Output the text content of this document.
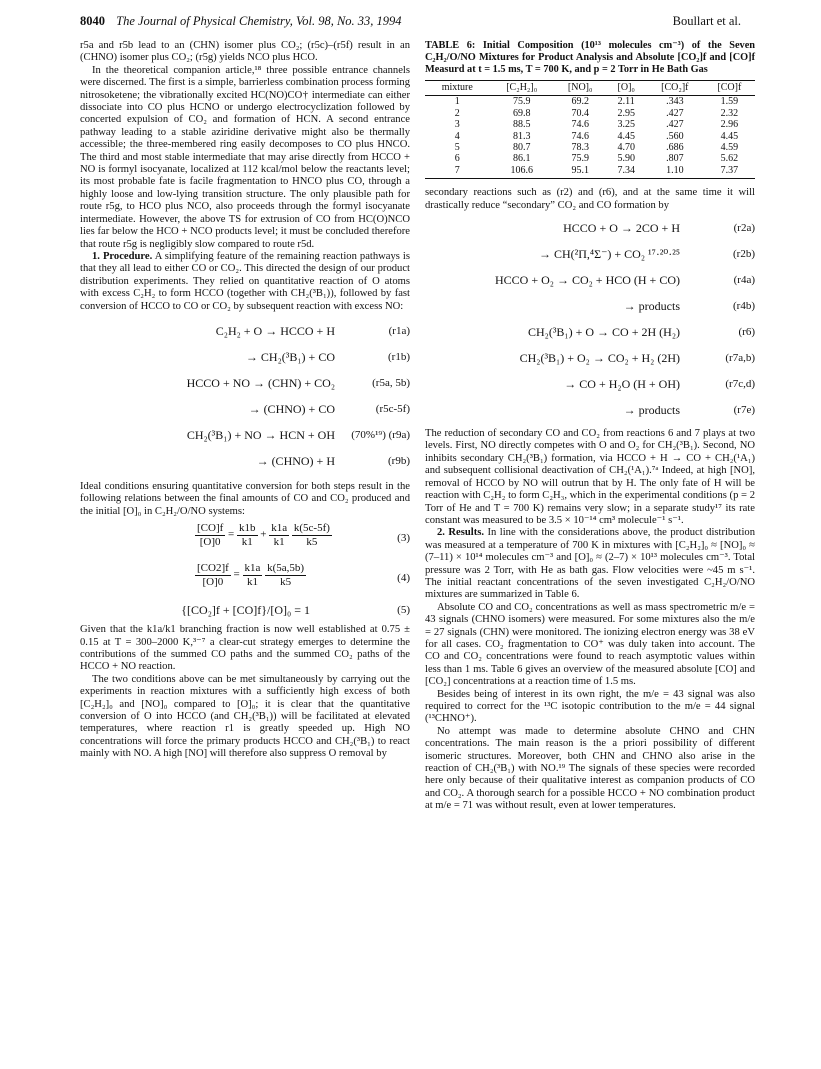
8040 The Journal of Physical Chemistry, Vol. 98, No. 33, 1994	Boullart et al.

r5a and r5b lead to an (CHN) isomer plus CO₂; (r5c)–(r5f) result in an (CHNO) isomer plus CO₂; (r5g) yields NCO plus HCO.

In the theoretical companion article,¹⁸ three possible entrance channels were discerned. The first is a simple, barrierless combination process forming nitrosoketene; the vibrationally excited HC(NO)CO† intermediate can either dissociate into CO plus HCNO or undergo electrocyclization followed by concerted expulsion of CO₂ and formation of HCN. A second entrance pathway leading to a stable aziridine derivative might also be thermally accessible; the three-membered ring easily decomposes to CO plus HNCO. The third and most stable intermediate that may arise directly from HCCO + NO is formyl isocyanate, localized at 112 kcal/mol below the reactants level; its most probable fate is facile fragmentation to HNCO plus CO, through a highly loose and low-lying transition structure. The only plausible path for route r5g, to HCO plus NCO, also proceeds through the formyl isocyanate intermediate. However, the above TS for extrusion of CO from HC(O)NCO lies far below the HCO + NCO products level; it must be concluded therefore that route r5g is negligibly slow compared to route r5d.

1. Procedure. A simplifying feature of the remaining reaction pathways is that they all lead to either CO or CO₂. This directed the design of our product distribution experiments. They relied on quantitative reaction of O atoms with excess C₂H₂ to form HCCO (together with CH₂(³B₁)), followed by fast conversion of HCCO to CO or CO₂ by subsequent reaction with excess NO:

C₂H₂ + O → HCCO + H	(r1a)
→ CH₂(³B₁) + CO	(r1b)
HCCO + NO → (CHN) + CO₂	(r5a, 5b)
→ (CHNO) + CO	(r5c-5f)
CH₂(³B₁) + NO → HCN + OH (70%¹⁹) (r9a)
→ (CHNO) + H	(r9b)

Ideal conditions ensuring quantitative conversion for both steps result in the following relations between the final amounts of CO and CO₂ produced and the initial [O]₀ in C₂H₂/O/NO systems:

$\frac{[CO]f}{[O]0} = \frac{k1b}{k1} + \frac{k1a}{k1}$
$\frac{k(5c-5f)}{k5}$	(3)
$\frac{[CO2]f}{[O]0} = \frac{k1a}{k1}$
$\frac{k(5a,5b)}{k5}$	(4)
{[CO₂]f + [CO]f}/[O]₀ = 1	(5)

Given that the k1a/k1 branching fraction is now well established at 0.75 ± 0.15 at T = 300–2000 K,³⁻⁷ a clear-cut strategy emerges to determine the contributions of the summed CO paths and the summed CO₂ paths of the HCCO + NO reaction.

The two conditions above can be met simultaneously by carrying out the experiments in reaction mixtures with a sufficiently high excess of both [C₂H₂]₀ and [NO]₀ compared to [O]₀; it is clear that the quantitative conversion of O into HCCO (and CH₂(³B₁)) will be facilitated at elevated temperatures, where reaction r1 is greatly speeded up. High NO concentrations will force the primary products HCCO and CH₂(³B₁) to react mainly with NO. A high [NO] will therefore also suppress O removal by

TABLE 6: Initial Composition (10¹³ molecules cm⁻³) of the Seven C₂H₂/O/NO Mixtures for Product Analysis and Absolute [CO₂]f and [CO]f Measurd at t = 1.5 ms, T = 700 K, and p = 2 Torr in He Bath Gas
mixture	[C₂H₂]₀	[NO]₀	[O]₀	[CO₂]f	[CO]f
1	75.9	69.2	2.11	.343	1.59
2	69.8	70.4	2.95	.427	2.32
3	88.5	74.6	3.25	.427	2.96
4	81.3	74.6	4.45	.560	4.45
5	80.7	78.3	4.70	.686	4.59
6	86.1	75.9	5.90	.807	5.62
7	106.6	95.1	7.34	1.10	7.37

secondary reactions such as (r2) and (r6), and at the same time it will drastically reduce “secondary” CO₂ and CO formation by

HCCO + O → 2CO + H	(r2a)
→ CH(²Π,⁴Σ⁻) + CO₂ ¹⁷·²⁰·²⁵	(r2b)
HCCO + O₂ → CO₂ + HCO (H + CO)	(r4a)
→ products	(r4b)
CH₂(³B₁) + O → CO + 2H (H₂)	(r6)
CH₂(³B₁) + O₂ → CO₂ + H₂ (2H)	(r7a,b)
→ CO + H₂O (H + OH)	(r7c,d)
→ products	(r7e)

The reduction of secondary CO and CO₂ from reactions 6 and 7 plays at two levels. First, NO directly competes with O and O₂ for CH₂(³B₁). Second, NO inhibits secondary CH₂(³B₁) formation, via HCCO + H → CO + CH₂(¹A₁) and subsequent collisional deactivation of CH₂(¹A₁).⁷ᵃ Indeed, at high [NO], removal of HCCO by NO will outrun that by H. The only fate of H will be reaction with C₂H₂ to form C₂H₃, which in the experimental conditions (p = 2 Torr of He and T = 700 K) remains very slow; in a separate study¹⁷ its rate constant was measured to be 3.5 × 10⁻¹⁴ cm³ molecule⁻¹ s⁻¹.

2. Results. In line with the considerations above, the product distribution was measured at a temperature of 700 K in mixtures with [C₂H₂]₀ ≈ [NO]₀ ≈ (7–11) × 10¹⁴ molecules cm⁻³ and [O]₀ ≈ (2–7) × 10¹³ molecules cm⁻³. Total pressure was 2 Torr, with He as bath gas. Flow velocities were ~45 m s⁻¹. The initial reactant concentrations of the seven investigated C₂H₂/O/NO mixtures are summarized in Table 6.

Absolute CO and CO₂ concentrations as well as mass spectrometric m/e = 43 signals (CHNO isomers) were measured. For some mixtures also the m/e = 27 signals (CHN) were monitored. The ionizing electron energy was 38 eV for all cases. CO₂ fragmentation to CO⁺ was duly taken into account. The CO and CO₂ concentrations were found to reach asymptotic values within less than 1 ms. Table 6 gives an overview of the measured absolute [CO] and [CO₂] concentrations at a reaction time of 1.5 ms.

Besides being of interest in its own right, the m/e = 43 signal was also required to correct for the ¹³C isotopic contribution to the m/e = 44 signal (¹³CHNO⁺).

No attempt was made to determine absolute CHNO and CHN concentrations. The main reason is the a priori possibility of different isomeric structures. Moreover, both CHN and CHNO also arise in the reaction of CH₂(³B₁) with NO.¹⁹ The signals of these species were recorded here only because of their qualitative interest as companion products of CO and CO₂. A thorough search for a possible HCCO + NO combination product at m/e = 71 was without result, even at lower temperatures.
